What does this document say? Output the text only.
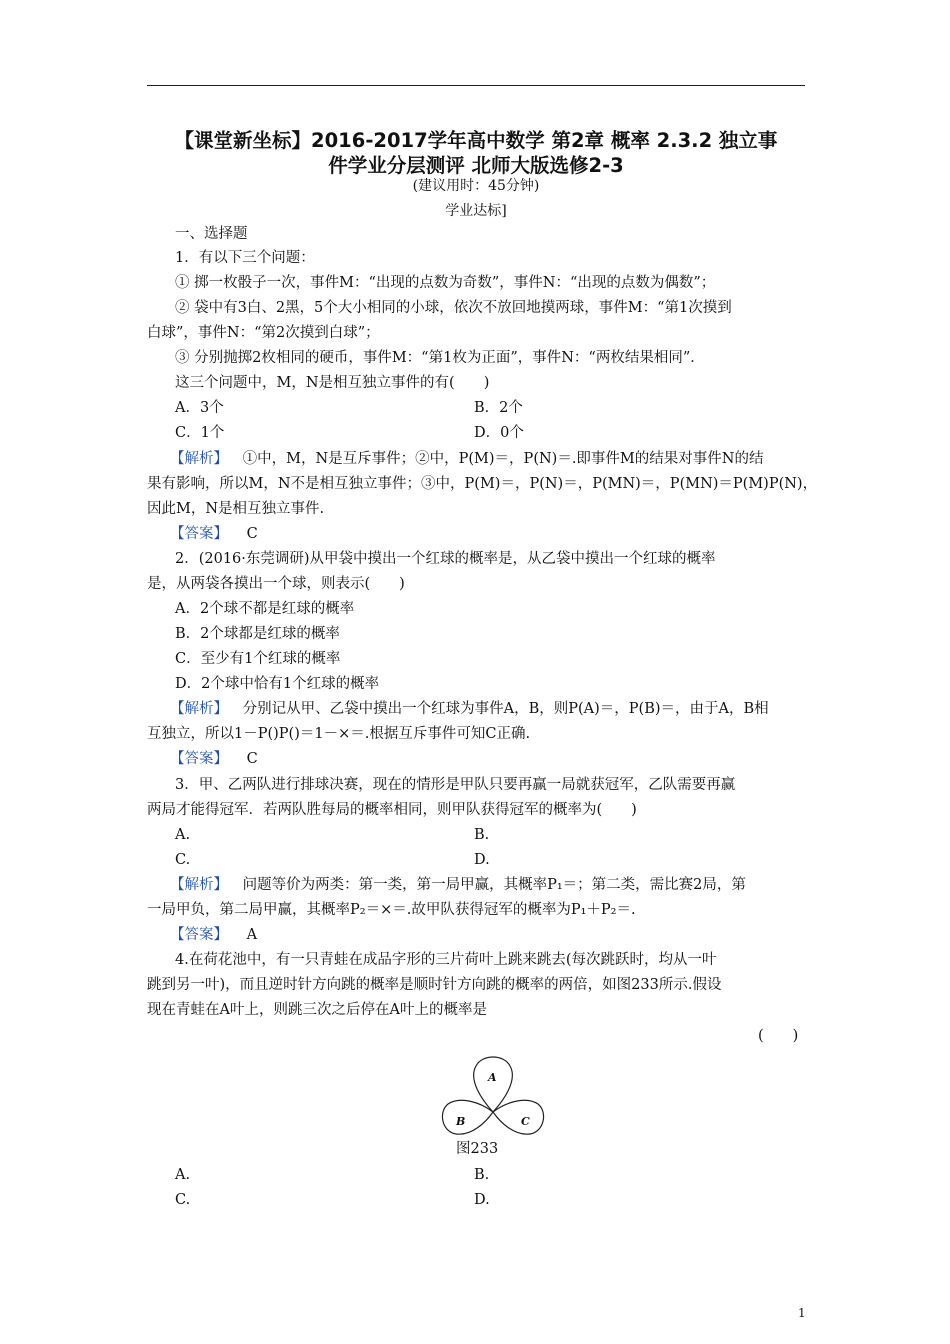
【课堂新坐标】2016-2017学年高中数学 第2章 概率 2.3.2 独立事
件学业分层测评 北师大版选修2-3
(建议用时：45分钟)
学业达标]
一、选择题
1．有以下三个问题：
① 掷一枚骰子一次，事件M：“出现的点数为奇数”，事件N：“出现的点数为偶数”；
② 袋中有3白、2黑，5个大小相同的小球，依次不放回地摸两球，事件M：“第1次摸到
白球”，事件N：“第2次摸到白球”；
③ 分别抛掷2枚相同的硬币，事件M：“第1枚为正面”，事件N：“两枚结果相同”．
这三个问题中，M，N是相互独立事件的有(　　)
A．3个	B．2个
C．1个	D．0个
【解析】 ①中，M，N是互斥事件；②中，P(M)＝，P(N)＝.即事件M的结果对事件N的结
果有影响，所以M，N不是相互独立事件；③中，P(M)＝，P(N)＝，P(MN)＝，P(MN)＝P(M)P(N)，
因此M，N是相互独立事件.
【答案】 C
2．(2016·东莞调研)从甲袋中摸出一个红球的概率是，从乙袋中摸出一个红球的概率
是，从两袋各摸出一个球，则表示(　　)
A．2个球不都是红球的概率
B．2个球都是红球的概率
C．至少有1个红球的概率
D．2个球中恰有1个红球的概率
【解析】 分别记从甲、乙袋中摸出一个红球为事件A，B，则P(A)＝，P(B)＝，由于A，B相
互独立，所以1－P()P()＝1－×＝.根据互斥事件可知C正确.
【答案】 C
3．甲、乙两队进行排球决赛，现在的情形是甲队只要再赢一局就获冠军，乙队需要再赢
两局才能得冠军．若两队胜每局的概率相同，则甲队获得冠军的概率为(　　)
A.	B.
C.	D.
【解析】 问题等价为两类：第一类，第一局甲赢，其概率P₁＝；第二类，需比赛2局，第
一局甲负，第二局甲赢，其概率P₂＝×＝.故甲队获得冠军的概率为P₁＋P₂＝.
【答案】 A
4.在荷花池中，有一只青蛙在成品字形的三片荷叶上跳来跳去(每次跳跃时，均从一叶
跳到另一叶)，而且逆时针方向跳的概率是顺时针方向跳的概率的两倍，如图233所示.假设
现在青蛙在A叶上，则跳三次之后停在A叶上的概率是
(　　)
A
B	C
图233
A.	B.
C.	D.
1
